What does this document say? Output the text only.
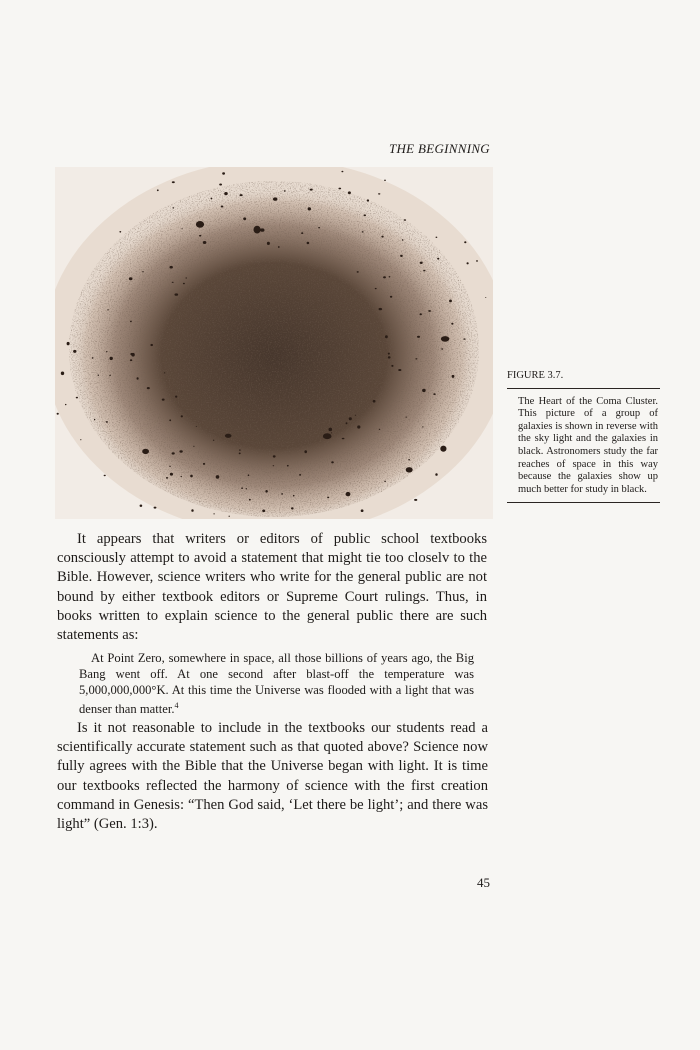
THE BEGINNING
FIGURE 3.7.
The Heart of the Coma Cluster. This picture of a group of galaxies is shown in reverse with the sky light and the galaxies in black. Astronomers study the far reaches of space in this way because the galaxies show up much better for study in black.

It appears that writers or editors of public school textbooks consciously attempt to avoid a statement that might tie too closelv to the Bible. However, science writers who write for the general public are not bound by either textbook editors or Supreme Court rulings. Thus, in books written to explain science to the general public there are such statements as:

At Point Zero, somewhere in space, all those billions of years ago, the Big Bang went off. At one second after blast-off the temperature was 5,000,000,000°K. At this time the Universe was flooded with a light that was denser than matter.$^4$

Is it not reasonable to include in the textbooks our students read a scientifically accurate statement such as that quoted above? Science now fully agrees with the Bible that the Universe began with light. It is time our textbooks reflected the harmony of science with the first creation command in Genesis: “Then God said, ‘Let there be light’; and there was light” (Gen. 1:3).

45
